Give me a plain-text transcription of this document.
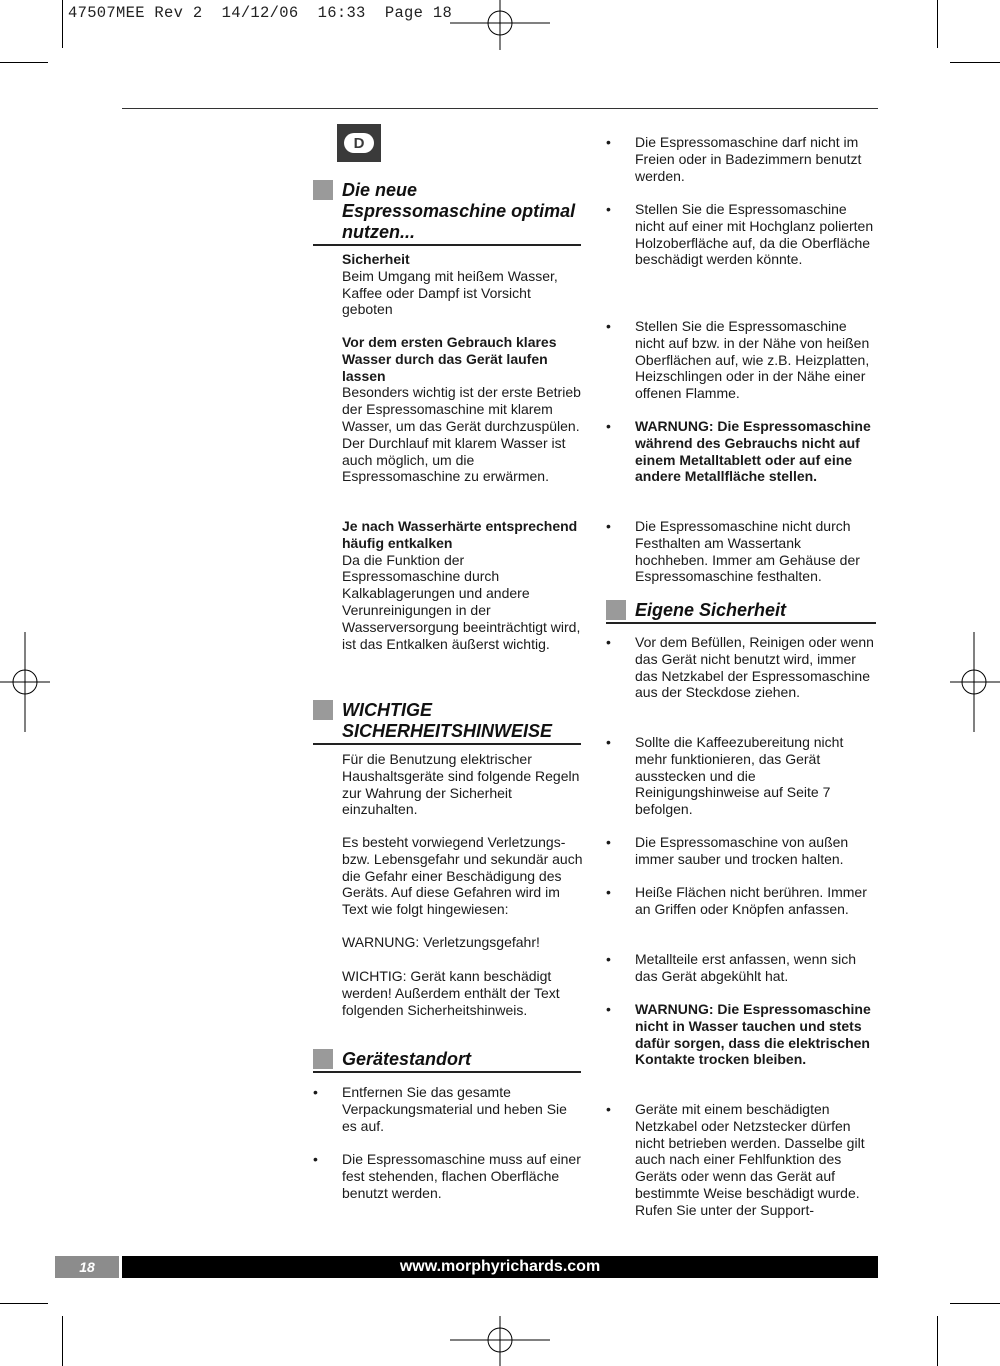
47507MEE Rev 2  14/12/06  16:33  Page 18
D
Die neue Espressomaschine optimal nutzen...
Sicherheit
Beim Umgang mit heißem Wasser, Kaffee oder Dampf ist Vorsicht geboten
Vor dem ersten Gebrauch klares Wasser durch das Gerät laufen lassen
Besonders wichtig ist der erste Betrieb der Espressomaschine mit klarem Wasser, um das Gerät durchzuspülen. Der Durchlauf mit klarem Wasser ist auch möglich, um die Espressomaschine zu erwärmen.
Je nach Wasserhärte entsprechend häufig entkalken
Da die Funktion der Espressomaschine durch Kalkablagerungen und andere Verunreinigungen in der Wasserversorgung beeinträchtigt wird, ist das Entkalken äußerst wichtig.
WICHTIGE SICHERHEITSHINWEISE
Für die Benutzung elektrischer Haushaltsgeräte sind folgende Regeln zur Wahrung der Sicherheit einzuhalten.
Es besteht vorwiegend Verletzungs- bzw. Lebensgefahr und sekundär auch die Gefahr einer Beschädigung des Geräts. Auf diese Gefahren wird im Text wie folgt hingewiesen:
WARNUNG: Verletzungsgefahr!
WICHTIG: Gerät kann beschädigt werden! Außerdem enthält der Text folgenden Sicherheitshinweis.
Gerätestandort
•	Entfernen Sie das gesamte Verpackungsmaterial und heben Sie es auf.
•	Die Espressomaschine muss auf einer fest stehenden, flachen Oberfläche benutzt werden.
•	Die Espressomaschine darf nicht im Freien oder in Badezimmern benutzt werden.
•	Stellen Sie die Espressomaschine nicht auf einer mit Hochglanz polierten Holzoberfläche auf, da die Oberfläche beschädigt werden könnte.
•	Stellen Sie die Espressomaschine nicht auf bzw. in der Nähe von heißen Oberflächen auf, wie z.B. Heizplatten, Heizschlingen oder in der Nähe einer offenen Flamme.
•	WARNUNG: Die Espressomaschine während des Gebrauchs nicht auf einem Metalltablett oder auf eine andere Metallfläche stellen.
•	Die Espressomaschine nicht durch Festhalten am Wassertank hochheben. Immer am Gehäuse der Espressomaschine festhalten.
Eigene Sicherheit
•	Vor dem Befüllen, Reinigen oder wenn das Gerät nicht benutzt wird, immer das Netzkabel der Espressomaschine aus der Steckdose ziehen.
•	Sollte die Kaffeezubereitung nicht mehr funktionieren, das Gerät ausstecken und die Reinigungshinweise auf Seite 7 befolgen.
•	Die Espressomaschine von außen immer sauber und trocken halten.
•	Heiße Flächen nicht berühren. Immer an Griffen oder Knöpfen anfassen.
•	Metallteile erst anfassen, wenn sich das Gerät abgekühlt hat.
•	WARNUNG: Die Espressomaschine nicht in Wasser tauchen und stets dafür sorgen, dass die elektrischen Kontakte trocken bleiben.
•	Geräte mit einem beschädigten Netzkabel oder Netzstecker dürfen nicht betrieben werden. Dasselbe gilt auch nach einer Fehlfunktion des Geräts oder wenn das Gerät auf bestimmte Weise beschädigt wurde. Rufen Sie unter der Support-
18	www.morphyrichards.com
